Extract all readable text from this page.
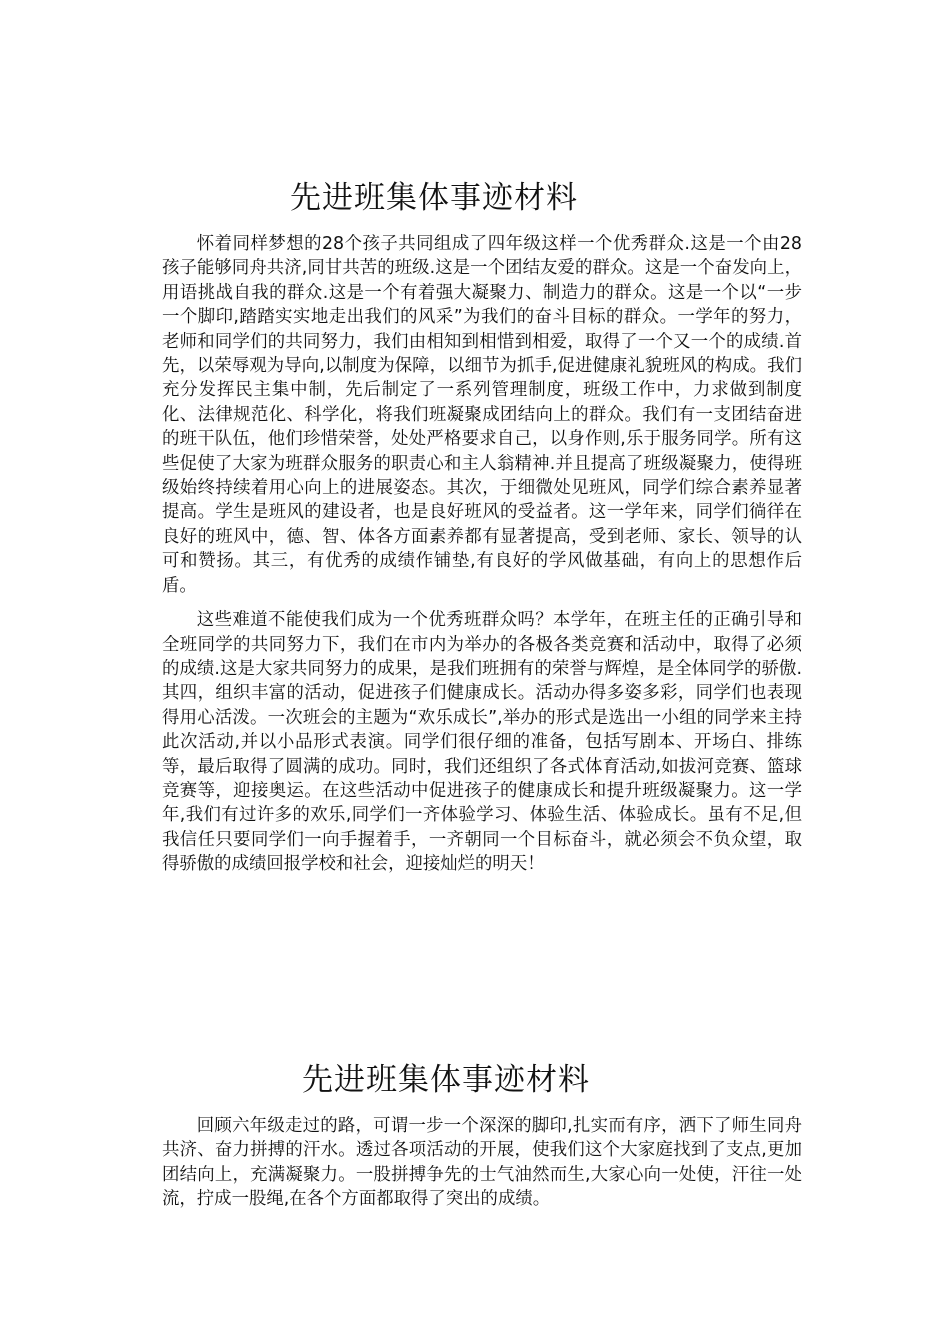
先进班集体事迹材料

怀着同样梦想的28个孩子共同组成了四年级这样一个优秀群众.这是一个由28孩子能够同舟共济,同甘共苦的班级.这是一个团结友爱的群众。这是一个奋发向上，用语挑战自我的群众.这是一个有着强大凝聚力、制造力的群众。这是一个以“一步一个脚印,踏踏实实地走出我们的风采”为我们的奋斗目标的群众。一学年的努力，老师和同学们的共同努力，我们由相知到相惜到相爱，取得了一个又一个的成绩.首先，以荣辱观为导向,以制度为保障，以细节为抓手,促进健康礼貌班风的构成。我们充分发挥民主集中制，先后制定了一系列管理制度，班级工作中，力求做到制度化、法律规范化、科学化，将我们班凝聚成团结向上的群众。我们有一支团结奋进的班干队伍，他们珍惜荣誉，处处严格要求自己，以身作则,乐于服务同学。所有这些促使了大家为班群众服务的职责心和主人翁精神.并且提高了班级凝聚力，使得班级始终持续着用心向上的进展姿态。其次，于细微处见班风，同学们综合素养显著提高。学生是班风的建设者，也是良好班风的受益者。这一学年来，同学们徜徉在良好的班风中，德、智、体各方面素养都有显著提高，受到老师、家长、领导的认可和赞扬。其三，有优秀的成绩作铺垫,有良好的学风做基础，有向上的思想作后盾。

这些难道不能使我们成为一个优秀班群众吗？本学年，在班主任的正确引导和全班同学的共同努力下，我们在市内为举办的各极各类竞赛和活动中，取得了必须的成绩.这是大家共同努力的成果，是我们班拥有的荣誉与辉煌，是全体同学的骄傲.其四，组织丰富的活动，促进孩子们健康成长。活动办得多姿多彩，同学们也表现得用心活泼。一次班会的主题为“欢乐成长”,举办的形式是选出一小组的同学来主持此次活动,并以小品形式表演。同学们很仔细的准备，包括写剧本、开场白、排练等，最后取得了圆满的成功。同时，我们还组织了各式体育活动,如拔河竞赛、篮球竞赛等，迎接奥运。在这些活动中促进孩子的健康成长和提升班级凝聚力。这一学年,我们有过许多的欢乐,同学们一齐体验学习、体验生活、体验成长。虽有不足,但我信任只要同学们一向手握着手，一齐朝同一个目标奋斗，就必须会不负众望，取得骄傲的成绩回报学校和社会，迎接灿烂的明天！

先进班集体事迹材料

回顾六年级走过的路，可谓一步一个深深的脚印,扎实而有序，洒下了师生同舟共济、奋力拼搏的汗水。透过各项活动的开展，使我们这个大家庭找到了支点,更加团结向上，充满凝聚力。一股拼搏争先的士气油然而生,大家心向一处使，汗往一处流，拧成一股绳,在各个方面都取得了突出的成绩。
